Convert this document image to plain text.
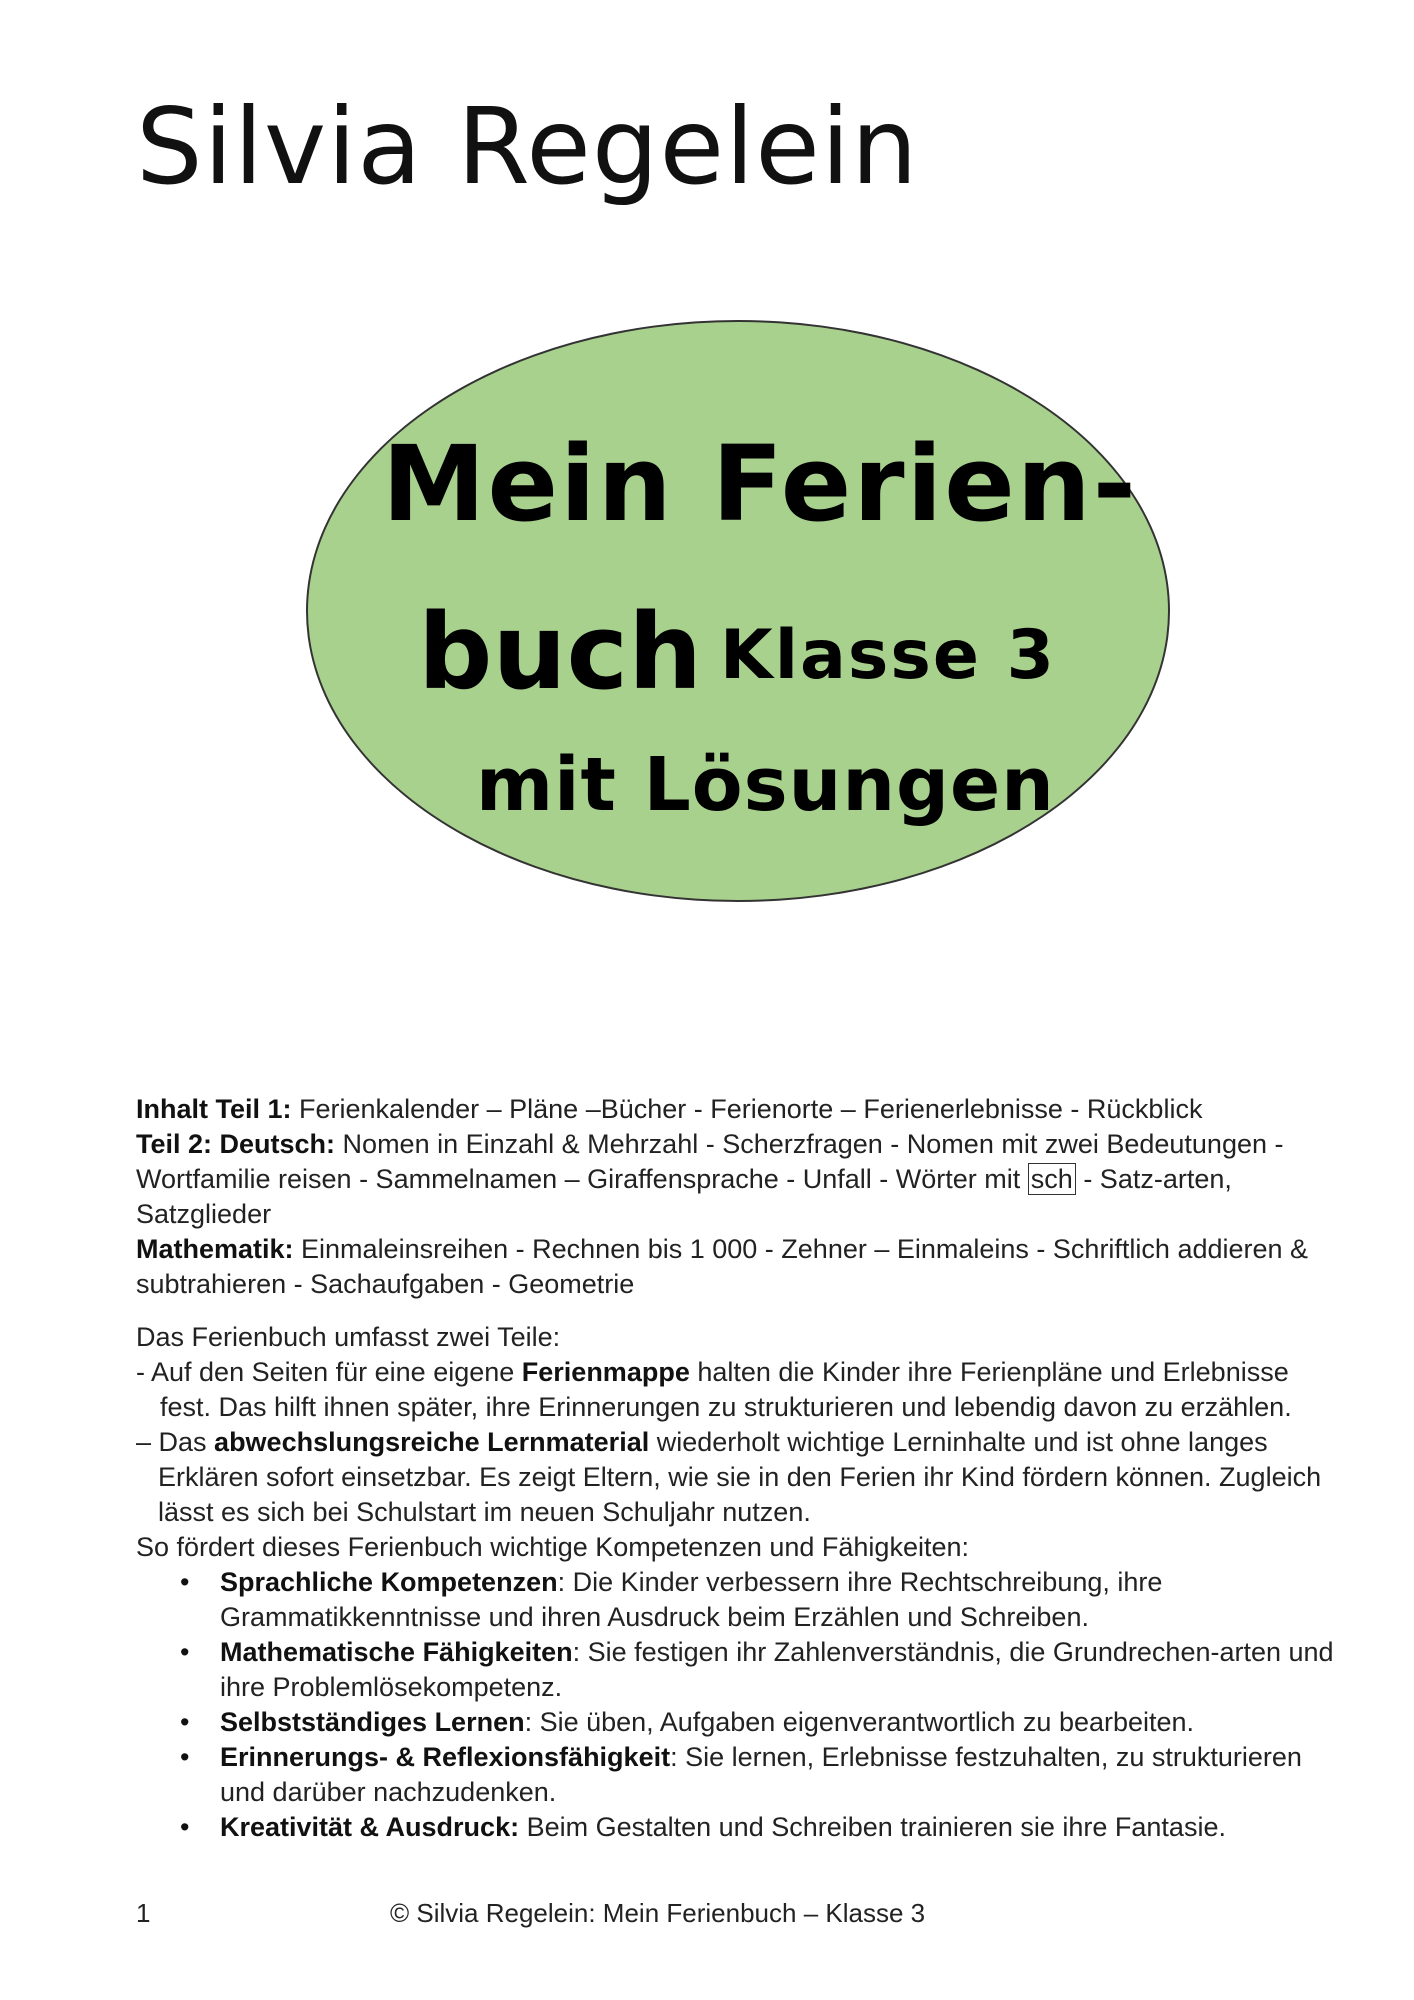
Silvia Regelein
Mein Ferien-
buch Klasse 3
mit Lösungen

Inhalt Teil 1: Ferienkalender – Pläne –Bücher - Ferienorte – Ferienerlebnisse - Rückblick

Teil 2: Deutsch: Nomen in Einzahl & Mehrzahl - Scherzfragen - Nomen mit zwei Bedeutungen - Wortfamilie reisen - Sammelnamen – Giraffensprache - Unfall - Wörter mit sch - Satz-arten, Satzglieder

Mathematik: Einmaleinsreihen - Rechnen bis 1 000 - Zehner – Einmaleins - Schriftlich addieren & subtrahieren - Sachaufgaben - Geometrie

Das Ferienbuch umfasst zwei Teile:

- Auf den Seiten für eine eigene Ferienmappe halten die Kinder ihre Ferienpläne und Erlebnisse fest. Das hilft ihnen später, ihre Erinnerungen zu strukturieren und lebendig davon zu erzählen.

– Das abwechslungsreiche Lernmaterial wiederholt wichtige Lerninhalte und ist ohne langes Erklären sofort einsetzbar. Es zeigt Eltern, wie sie in den Ferien ihr Kind fördern können. Zugleich lässt es sich bei Schulstart im neuen Schuljahr nutzen.

So fördert dieses Ferienbuch wichtige Kompetenzen und Fähigkeiten:

• Sprachliche Kompetenzen: Die Kinder verbessern ihre Rechtschreibung, ihre Grammatikkenntnisse und ihren Ausdruck beim Erzählen und Schreiben.
• Mathematische Fähigkeiten: Sie festigen ihr Zahlenverständnis, die Grundrechen-arten und ihre Problemlösekompetenz.
• Selbstständiges Lernen: Sie üben, Aufgaben eigenverantwortlich zu bearbeiten.
• Erinnerungs- & Reflexionsfähigkeit: Sie lernen, Erlebnisse festzuhalten, zu strukturieren und darüber nachzudenken.
• Kreativität & Ausdruck: Beim Gestalten und Schreiben trainieren sie ihre Fantasie.
1	© Silvia Regelein: Mein Ferienbuch – Klasse 3
